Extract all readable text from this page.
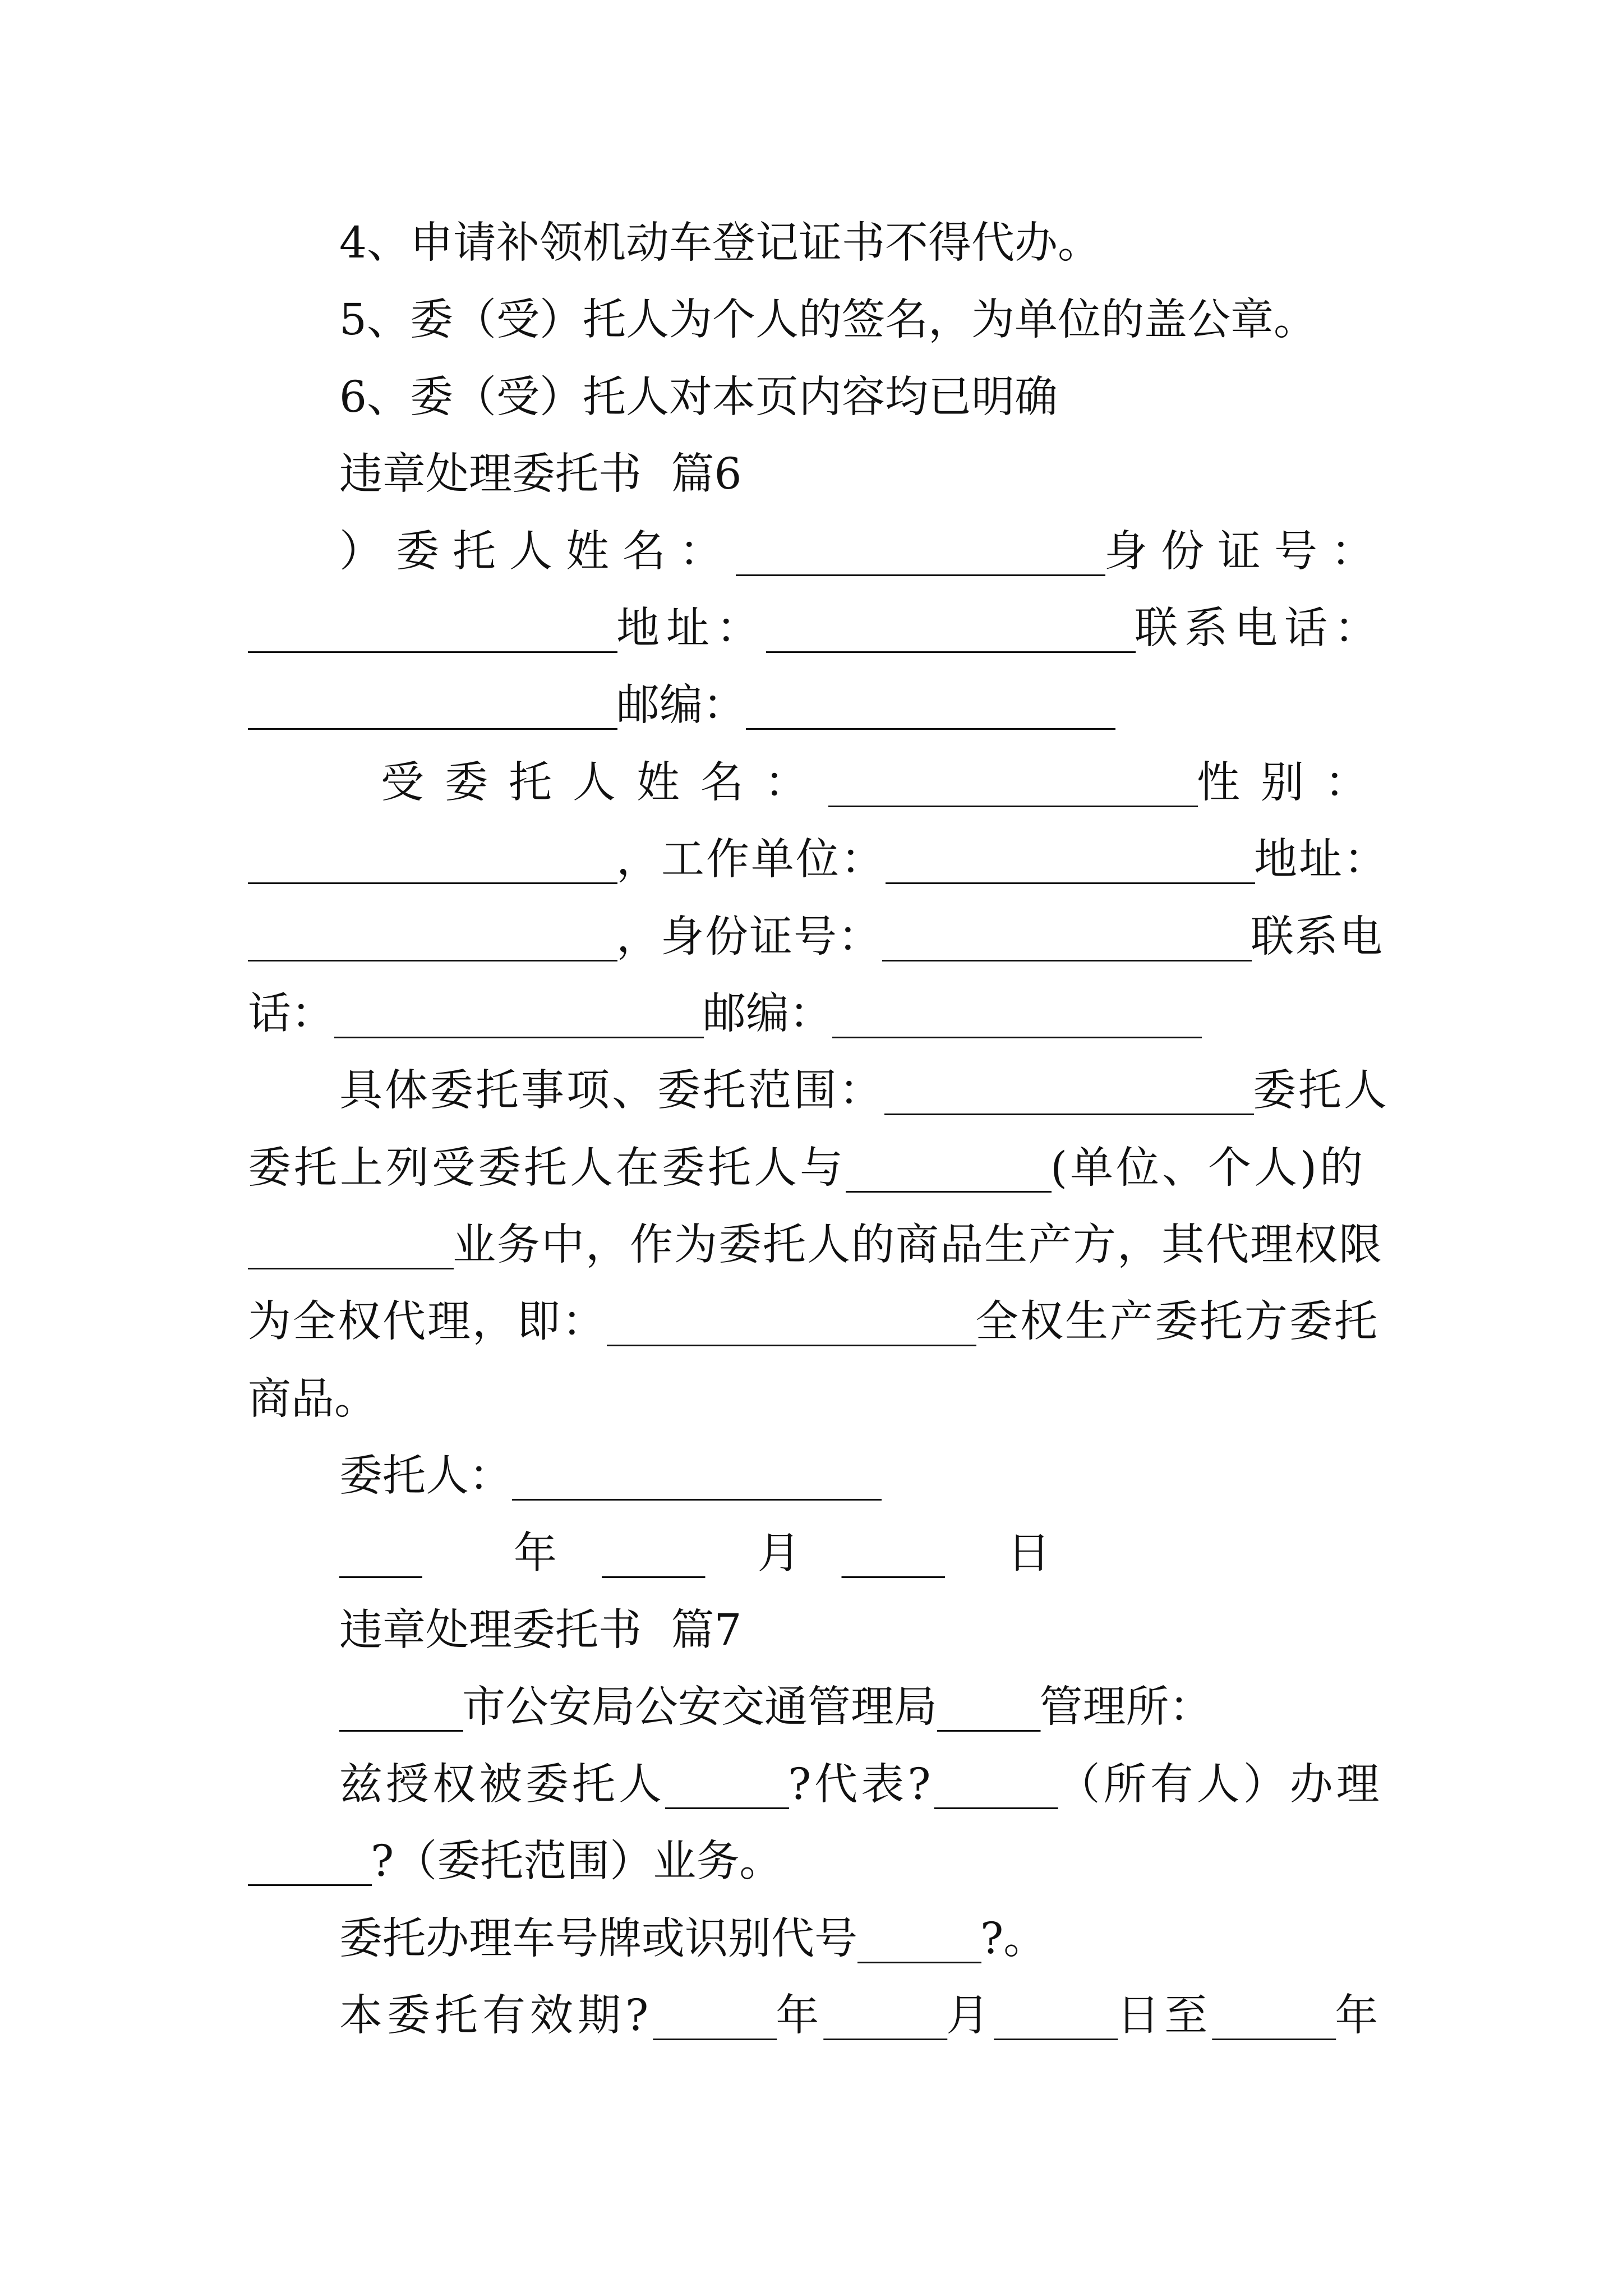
4、申请补领机动车登记证书不得代办。
5、委（受）托人为个人的签名，为单位的盖公章。
6、委（受）托人对本页内容均已明确
违章处理委托书 篇6
）委托人姓名：__________________身份证号：
__________________地址：__________________联系电话：
__________________邮编：__________________
受委托人姓名：__________________性别：
__________________，工作单位：__________________地址：
__________________，身份证号：__________________联系电
话：__________________邮编：__________________
具体委托事项、委托范围：__________________委托人
委托上列受委托人在委托人与__________(单位、个人)的
__________业务中，作为委托人的商品生产方，其代理权限
为全权代理，即：__________________全权生产委托方委托
商品。
委托人：__________________
____ 年 _____ 月 _____ 日
违章处理委托书 篇7
______市公安局公安交通管理局_____管理所：
兹授权被委托人______?代表?______（所有人）办理
______?（委托范围）业务。
委托办理车号牌或识别代号______?。
本委托有效期?______年______月______日至______年
